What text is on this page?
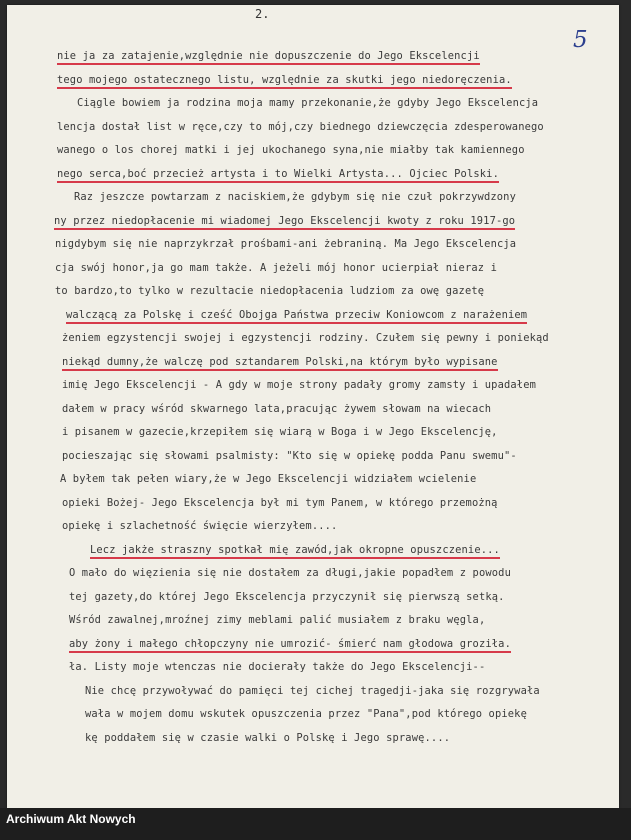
2.
5
nie ja za zatajenie,względnie nie dopuszczenie do Jego Ekscelencji
tego mojego ostatecznego listu, względnie za skutki jego niedoręczenia.
Ciągle bowiem ja rodzina moja mamy przekonanie,że gdyby Jego Ekscelencja
lencja dostał list w ręce,czy to mój,czy biednego dziewczęcia zdesperowanego
wanego o los chorej matki i jej ukochanego syna,nie miałby tak kamiennego
nego serca,boć przecież artysta i to Wielki Artysta... Ojciec Polski.
Raz jeszcze powtarzam z naciskiem,że gdybym się nie czuł pokrzywdzony
ny przez niedopłacenie mi wiadomej Jego Ekscelencji kwoty z roku 1917-go
nigdybym się nie naprzykrzał prośbami-ani żebraniną. Ma Jego Ekscelencja
cja swój honor,ja go mam także. A jeżeli mój honor ucierpiał nieraz i
to bardzo,to tylko w rezultacie niedopłacenia ludziom za owę gazetę
walczącą za Polskę i cześć Obojga Państwa przeciw Koniowcom z narażeniem
żeniem egzystencji swojej i egzystencji rodziny. Czułem się pewny i poniekąd
niekąd dumny,że walczę pod sztandarem Polski,na którym było wypisane
imię Jego Ekscelencji - A gdy w moje strony padały gromy zamsty i upadałem
dałem w pracy wśród skwarnego lata,pracując żywem słowam na wiecach
i pisanem w gazecie,krzepiłem się wiarą w Boga i w Jego Ekscelencję,
pocieszając się słowami psalmisty: "Kto się w opiekę podda Panu swemu"-
A byłem tak pełen wiary,że w Jego Ekscelencji widziałem wcielenie
opieki Bożej- Jego Ekscelencja był mi tym Panem, w którego przemożną
opiekę i szlachetność święcie wierzyłem....
Lecz jakże straszny spotkał mię zawód,jak okropne opuszczenie...
O mało do więzienia się nie dostałem za długi,jakie popadłem z powodu
tej gazety,do której Jego Ekscelencja przyczynił się pierwszą setką.
Wśród zawalnej,mroźnej zimy meblami palić musiałem z braku węgla,
aby żony i małego chłopczyny nie umrozić- śmierć nam głodowa groziła.
ła. Listy moje wtenczas nie docierały także do Jego Ekscelencji--
Nie chcę przywoływać do pamięci tej cichej tragedji-jaka się rozgrywała
wała w mojem domu wskutek opuszczenia przez "Pana",pod którego opiekę
kę poddałem się w czasie walki o Polskę i Jego sprawę....
Archiwum Akt Nowych
